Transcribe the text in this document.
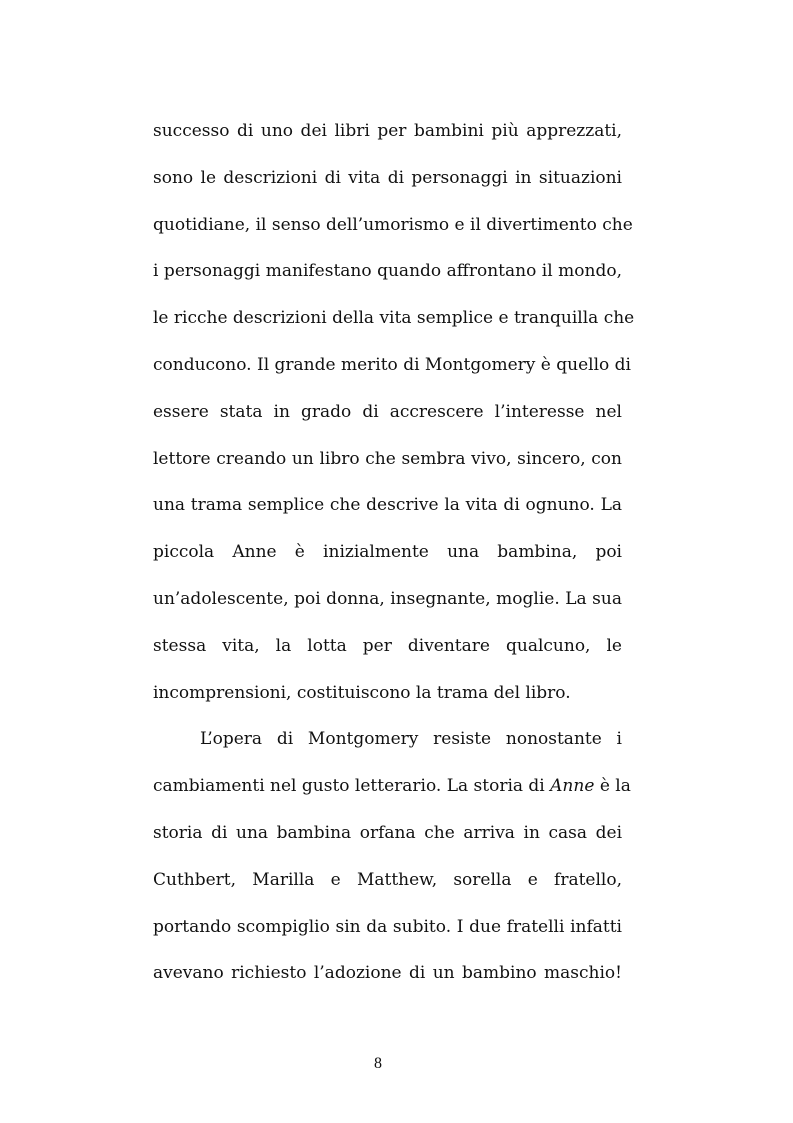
successo di uno dei libri per bambini più apprezzati,
sono le descrizioni di vita di personaggi in situazioni
quotidiane, il senso dell’umorismo e il divertimento che
i personaggi manifestano quando affrontano il mondo,
le ricche descrizioni della vita semplice e tranquilla che
conducono. Il grande merito di Montgomery è quello di
essere stata in grado di accrescere l’interesse nel
lettore creando un libro che sembra vivo, sincero, con
una trama semplice che descrive la vita di ognuno. La
piccola Anne è inizialmente una bambina, poi
un’adolescente, poi donna, insegnante, moglie. La sua
stessa vita, la lotta per diventare qualcuno, le
incomprensioni, costituiscono la trama del libro.
L’opera di Montgomery resiste nonostante i
cambiamenti nel gusto letterario. La storia di Anne è la
storia di una bambina orfana che arriva in casa dei
Cuthbert, Marilla e Matthew, sorella e fratello,
portando scompiglio sin da subito. I due fratelli infatti
avevano richiesto l’adozione di un bambino maschio!
8
